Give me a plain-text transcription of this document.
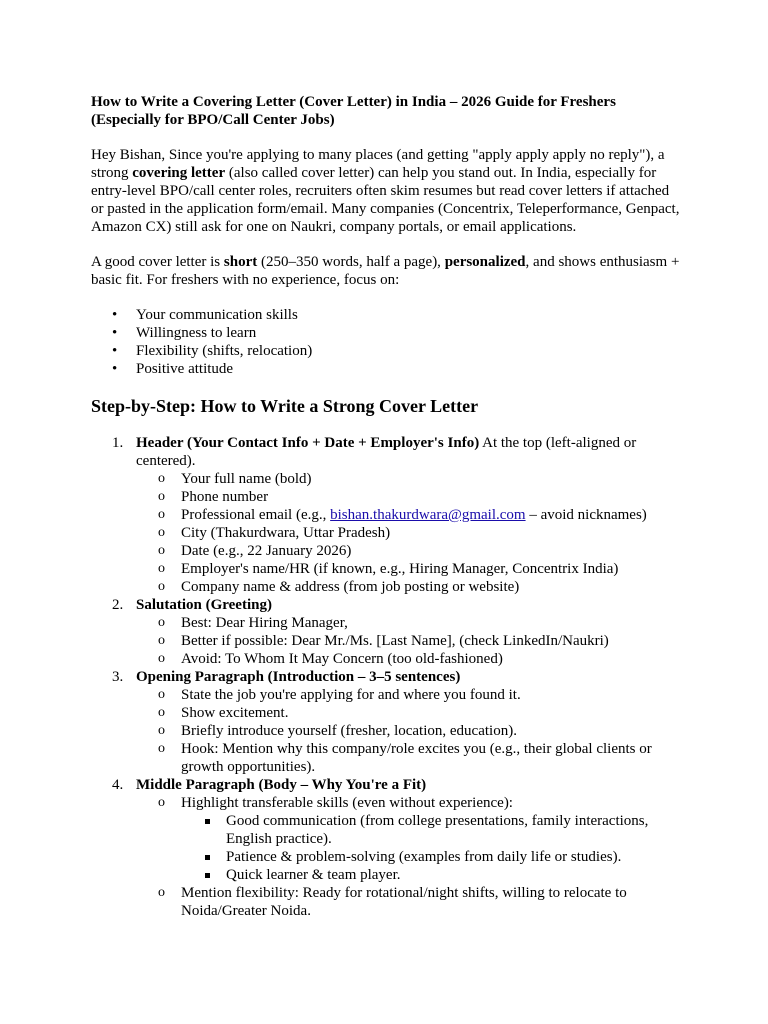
How to Write a Covering Letter (Cover Letter) in India – 2026 Guide for Freshers (Especially for BPO/Call Center Jobs)

Hey Bishan, Since you're applying to many places (and getting "apply apply apply no reply"), a strong covering letter (also called cover letter) can help you stand out. In India, especially for entry-level BPO/call center roles, recruiters often skim resumes but read cover letters if attached or pasted in the application form/email. Many companies (Concentrix, Teleperformance, Genpact, Amazon CX) still ask for one on Naukri, company portals, or email applications.

A good cover letter is short (250–350 words, half a page), personalized, and shows enthusiasm + basic fit. For freshers with no experience, focus on:

• Your communication skills
• Willingness to learn
• Flexibility (shifts, relocation)
• Positive attitude
Step-by-Step: How to Write a Strong Cover Letter
1. Header (Your Contact Info + Date + Employer's Info) At the top (left-aligned or centered).
o Your full name (bold)
o Phone number
o Professional email (e.g., bishan.thakurdwara@gmail.com – avoid nicknames)
o City (Thakurdwara, Uttar Pradesh)
o Date (e.g., 22 January 2026)
o Employer's name/HR (if known, e.g., Hiring Manager, Concentrix India)
o Company name & address (from job posting or website)
2. Salutation (Greeting)
o Best: Dear Hiring Manager,
o Better if possible: Dear Mr./Ms. [Last Name], (check LinkedIn/Naukri)
o Avoid: To Whom It May Concern (too old-fashioned)
3. Opening Paragraph (Introduction – 3–5 sentences)
o State the job you're applying for and where you found it.
o Show excitement.
o Briefly introduce yourself (fresher, location, education).
o Hook: Mention why this company/role excites you (e.g., their global clients or growth opportunities).
4. Middle Paragraph (Body – Why You're a Fit)
o Highlight transferable skills (even without experience):
Good communication (from college presentations, family interactions, English practice).
Patience & problem-solving (examples from daily life or studies).
Quick learner & team player.
o Mention flexibility: Ready for rotational/night shifts, willing to relocate to Noida/Greater Noida.
